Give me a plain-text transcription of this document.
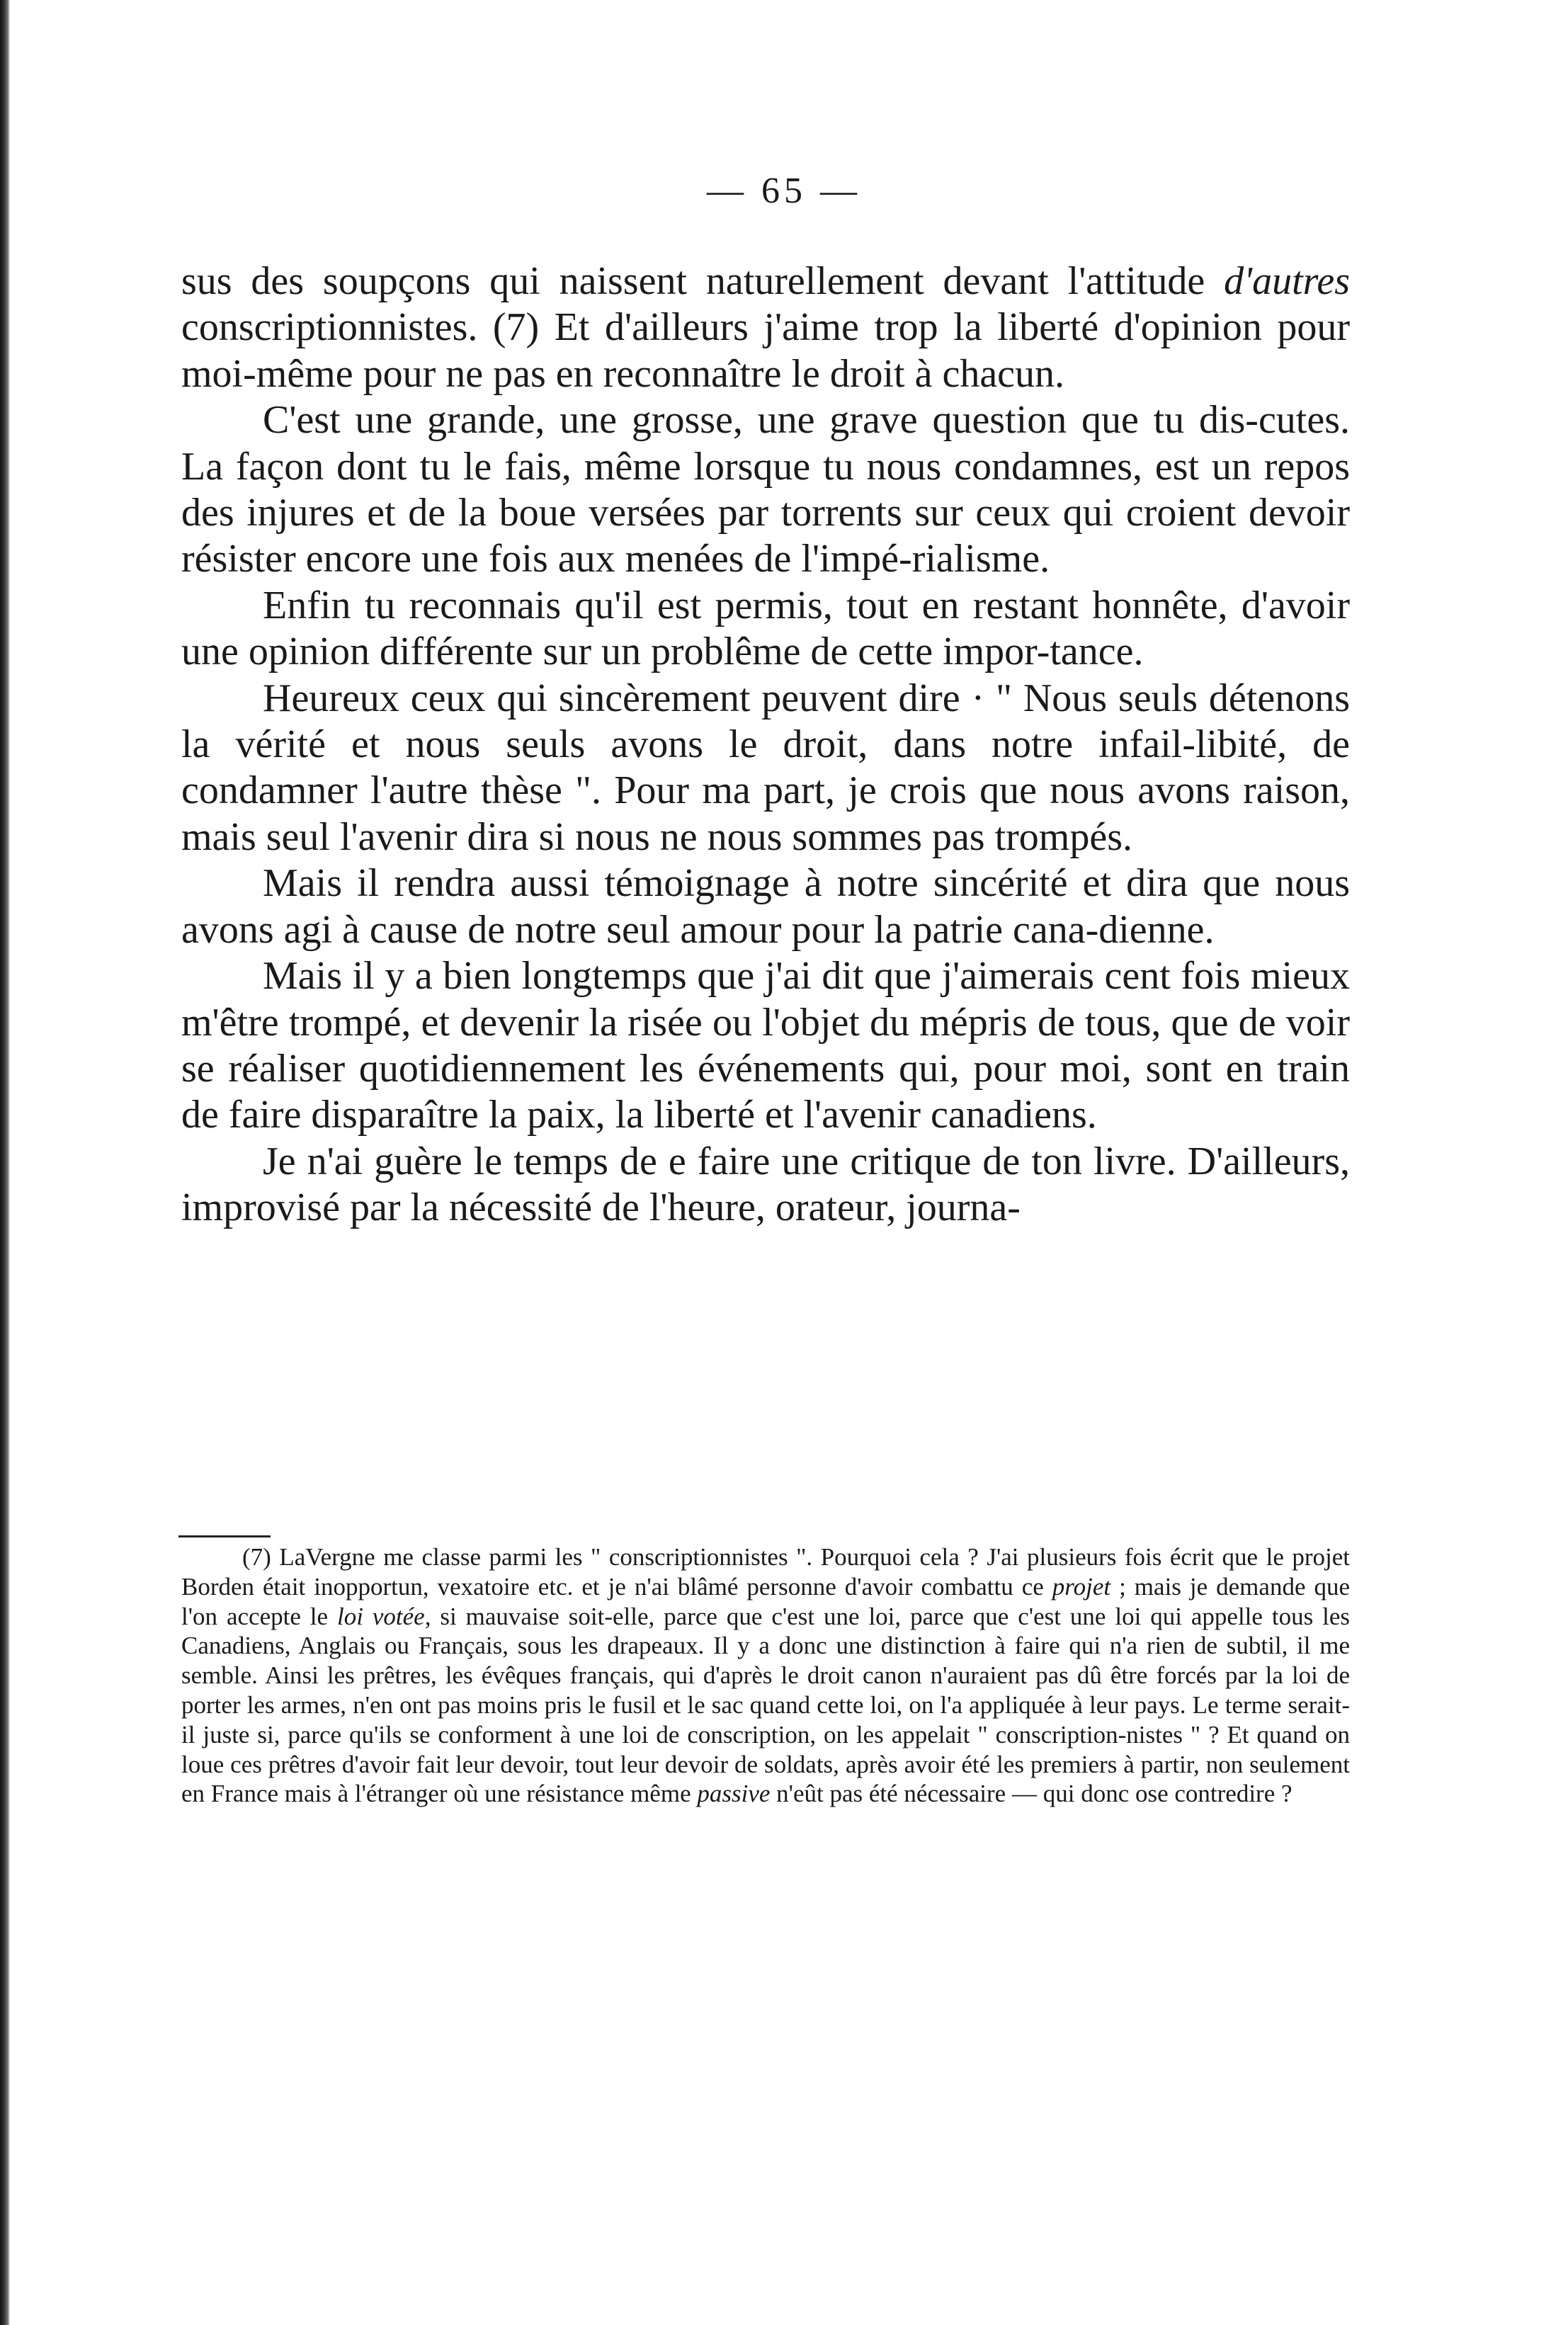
— 65 —

sus des soupçons qui naissent naturellement devant l'attitude d'autres conscriptionnistes. (7) Et d'ailleurs j'aime trop la liberté d'opinion pour moi-même pour ne pas en reconnaître le droit à chacun.

C'est une grande, une grosse, une grave question que tu dis-cutes. La façon dont tu le fais, même lorsque tu nous condamnes, est un repos des injures et de la boue versées par torrents sur ceux qui croient devoir résister encore une fois aux menées de l'impé-rialisme.

Enfin tu reconnais qu'il est permis, tout en restant honnête, d'avoir une opinion différente sur un problême de cette impor-tance.

Heureux ceux qui sincèrement peuvent dire · " Nous seuls détenons la vérité et nous seuls avons le droit, dans notre infail-libité, de condamner l'autre thèse ". Pour ma part, je crois que nous avons raison, mais seul l'avenir dira si nous ne nous sommes pas trompés.

Mais il rendra aussi témoignage à notre sincérité et dira que nous avons agi à cause de notre seul amour pour la patrie cana-dienne.

Mais il y a bien longtemps que j'ai dit que j'aimerais cent fois mieux m'être trompé, et devenir la risée ou l'objet du mépris de tous, que de voir se réaliser quotidiennement les événements qui, pour moi, sont en train de faire disparaître la paix, la liberté et l'avenir canadiens.

Je n'ai guère le temps de e faire une critique de ton livre. D'ailleurs, improvisé par la nécessité de l'heure, orateur, journa-

(7) LaVergne me classe parmi les " conscriptionnistes ". Pourquoi cela ? J'ai plusieurs fois écrit que le projet Borden était inopportun, vexatoire etc. et je n'ai blâmé personne d'avoir combattu ce projet ; mais je demande que l'on accepte le loi votée, si mauvaise soit-elle, parce que c'est une loi, parce que c'est une loi qui appelle tous les Canadiens, Anglais ou Français, sous les drapeaux. Il y a donc une distinction à faire qui n'a rien de subtil, il me semble. Ainsi les prêtres, les évêques français, qui d'après le droit canon n'auraient pas dû être forcés par la loi de porter les armes, n'en ont pas moins pris le fusil et le sac quand cette loi, on l'a appliquée à leur pays. Le terme serait-il juste si, parce qu'ils se conforment à une loi de conscription, on les appelait " conscription-nistes " ? Et quand on loue ces prêtres d'avoir fait leur devoir, tout leur devoir de soldats, après avoir été les premiers à partir, non seulement en France mais à l'étranger où une résistance même passive n'eût pas été nécessaire — qui donc ose contredire ?
